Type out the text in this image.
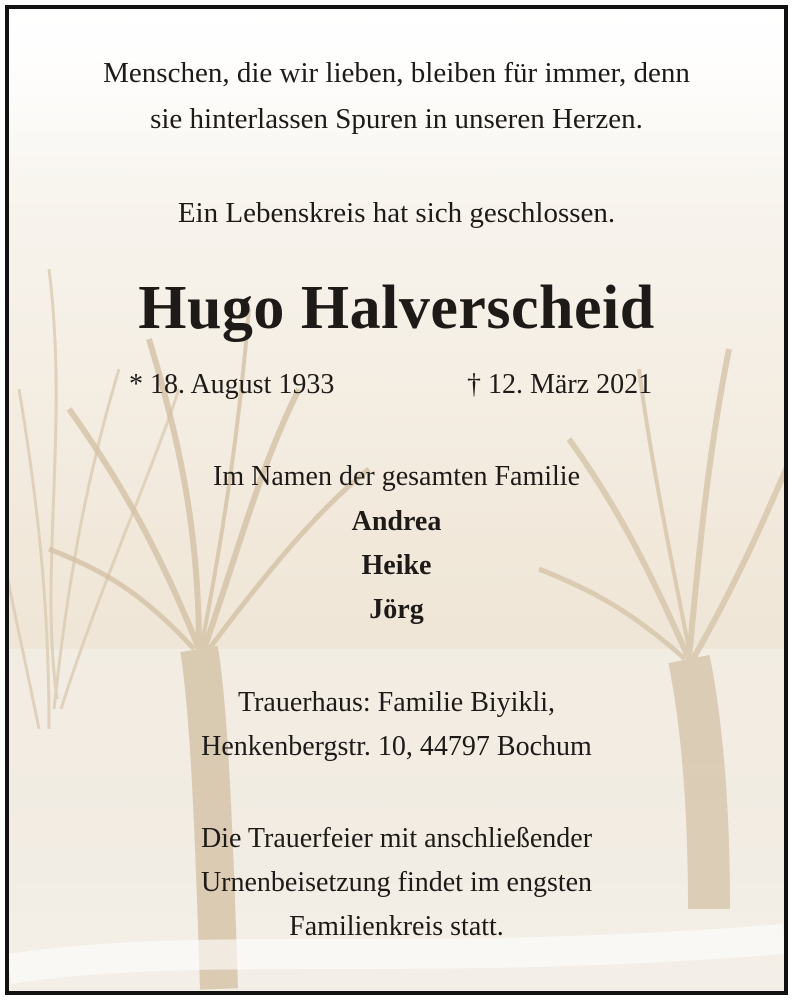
Menschen, die wir lieben, bleiben für immer, denn
sie hinterlassen Spuren in unseren Herzen.
Ein Lebenskreis hat sich geschlossen.
Hugo Halverscheid
* 18. August 1933	† 12. März 2021
Im Namen der gesamten Familie
Andrea
Heike
Jörg
Trauerhaus: Familie Biyikli,
Henkenbergstr. 10, 44797 Bochum
Die Trauerfeier mit anschließender
Urnenbeisetzung findet im engsten
Familienkreis statt.
